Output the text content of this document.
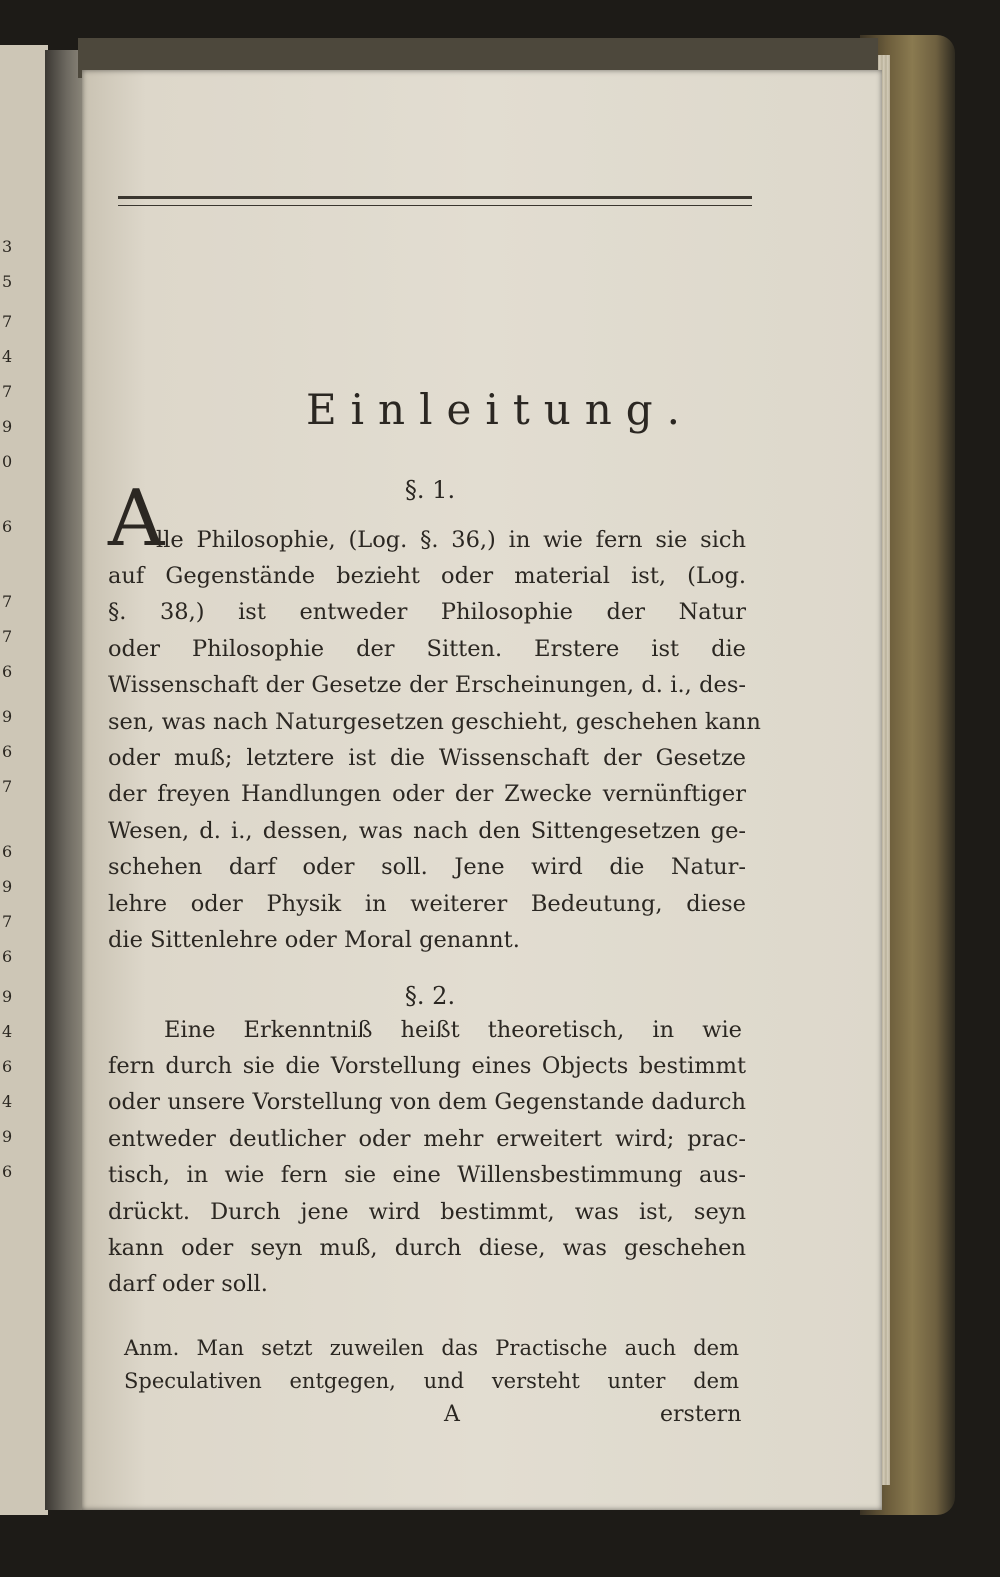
3
5
7
4
7
9
0
6
7
7
6
9
6
7
6
9
7
6
9
4
6
4
9
6
Einleitung.
§. 1.
A
lle Philosophie, (Log. §. 36,) in wie fern sie sich
auf Gegenstände bezieht oder material ist, (Log.
§. 38,) ist entweder Philosophie der Natur
oder Philosophie der Sitten. Erstere ist die
Wissenschaft der Gesetze der Erscheinungen, d. i., des-
sen, was nach Naturgesetzen geschieht, geschehen kann
oder muß; letztere ist die Wissenschaft der Gesetze
der freyen Handlungen oder der Zwecke vernünftiger
Wesen, d. i., dessen, was nach den Sittengesetzen ge-
schehen darf oder soll. Jene wird die Natur-
lehre oder Physik in weiterer Bedeutung, diese
die Sittenlehre oder Moral genannt.
§. 2.
Eine Erkenntniß heißt theoretisch, in wie
fern durch sie die Vorstellung eines Objects bestimmt
oder unsere Vorstellung von dem Gegenstande dadurch
entweder deutlicher oder mehr erweitert wird; prac-
tisch, in wie fern sie eine Willensbestimmung aus-
drückt. Durch jene wird bestimmt, was ist, seyn
kann oder seyn muß, durch diese, was geschehen
darf oder soll.
Anm. Man setzt zuweilen das Practische auch dem
Speculativen entgegen, und versteht unter dem
A	erstern
